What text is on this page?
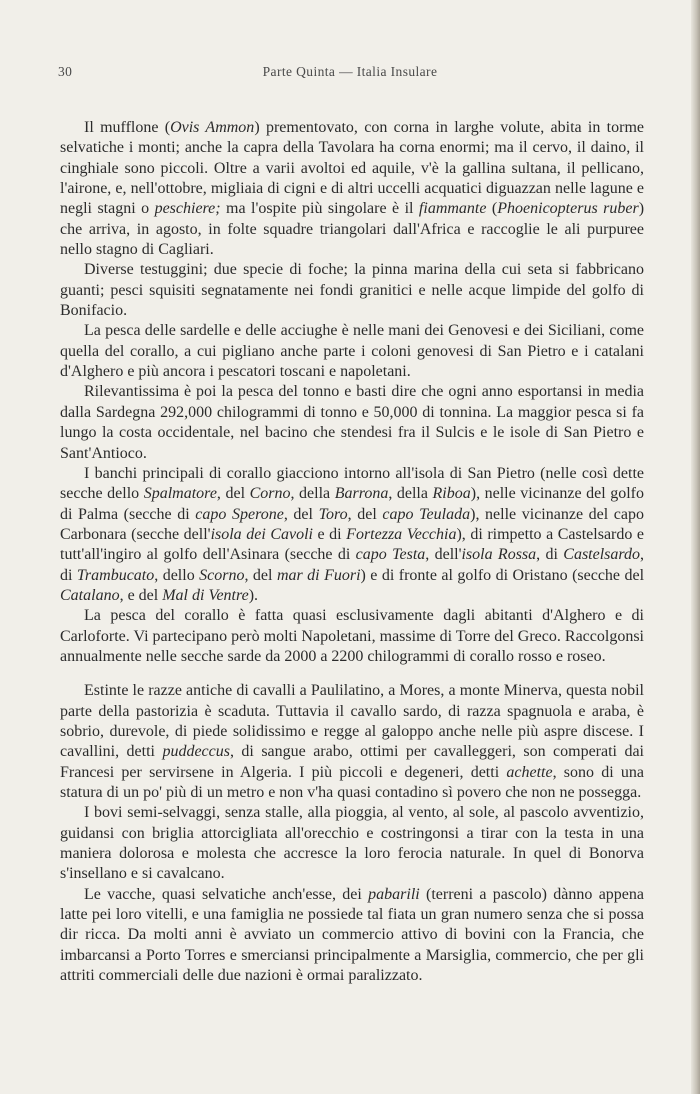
30	Parte Quinta — Italia Insulare

Il mufflone (Ovis Ammon) prementovato, con corna in larghe volute, abita in torme selvatiche i monti; anche la capra della Tavolara ha corna enormi; ma il cervo, il daino, il cinghiale sono piccoli. Oltre a varii avoltoi ed aquile, v'è la gallina sultana, il pellicano, l'airone, e, nell'ottobre, migliaia di cigni e di altri uccelli acquatici diguazzan nelle lagune e negli stagni o peschiere; ma l'ospite più singolare è il fiammante (Phoenicopterus ruber) che arriva, in agosto, in folte squadre triangolari dall'Africa e raccoglie le ali purpuree nello stagno di Cagliari.

Diverse testuggini; due specie di foche; la pinna marina della cui seta si fabbricano guanti; pesci squisiti segnatamente nei fondi granitici e nelle acque limpide del golfo di Bonifacio.

La pesca delle sardelle e delle acciughe è nelle mani dei Genovesi e dei Siciliani, come quella del corallo, a cui pigliano anche parte i coloni genovesi di San Pietro e i catalani d'Alghero e più ancora i pescatori toscani e napoletani.

Rilevantissima è poi la pesca del tonno e basti dire che ogni anno esportansi in media dalla Sardegna 292,000 chilogrammi di tonno e 50,000 di tonnina. La maggior pesca si fa lungo la costa occidentale, nel bacino che stendesi fra il Sulcis e le isole di San Pietro e Sant'Antioco.

I banchi principali di corallo giacciono intorno all'isola di San Pietro (nelle così dette secche dello Spalmatore, del Corno, della Barrona, della Riboa), nelle vicinanze del golfo di Palma (secche di capo Sperone, del Toro, del capo Teulada), nelle vicinanze del capo Carbonara (secche dell'isola dei Cavoli e di Fortezza Vecchia), di rimpetto a Castelsardo e tutt'all'ingiro al golfo dell'Asinara (secche di capo Testa, dell'isola Rossa, di Castelsardo, di Trambucato, dello Scorno, del mar di Fuori) e di fronte al golfo di Oristano (secche del Catalano, e del Mal di Ventre).

La pesca del corallo è fatta quasi esclusivamente dagli abitanti d'Alghero e di Carloforte. Vi partecipano però molti Napoletani, massime di Torre del Greco. Raccolgonsi annualmente nelle secche sarde da 2000 a 2200 chilogrammi di corallo rosso e roseo.

Estinte le razze antiche di cavalli a Paulilatino, a Mores, a monte Minerva, questa nobil parte della pastorizia è scaduta. Tuttavia il cavallo sardo, di razza spagnuola e araba, è sobrio, durevole, di piede solidissimo e regge al galoppo anche nelle più aspre discese. I cavallini, detti puddeccus, di sangue arabo, ottimi per cavalleggeri, son comperati dai Francesi per servirsene in Algeria. I più piccoli e degeneri, detti achette, sono di una statura di un po' più di un metro e non v'ha quasi contadino sì povero che non ne possegga.

I bovi semi-selvaggi, senza stalle, alla pioggia, al vento, al sole, al pascolo avventizio, guidansi con briglia attorcigliata all'orecchio e costringonsi a tirar con la testa in una maniera dolorosa e molesta che accresce la loro ferocia naturale. In quel di Bonorva s'insellano e si cavalcano.

Le vacche, quasi selvatiche anch'esse, dei pabarili (terreni a pascolo) dànno appena latte pei loro vitelli, e una famiglia ne possiede tal fiata un gran numero senza che si possa dir ricca. Da molti anni è avviato un commercio attivo di bovini con la Francia, che imbarcansi a Porto Torres e smerciansi principalmente a Marsiglia, commercio, che per gli attriti commerciali delle due nazioni è ormai paralizzato.
